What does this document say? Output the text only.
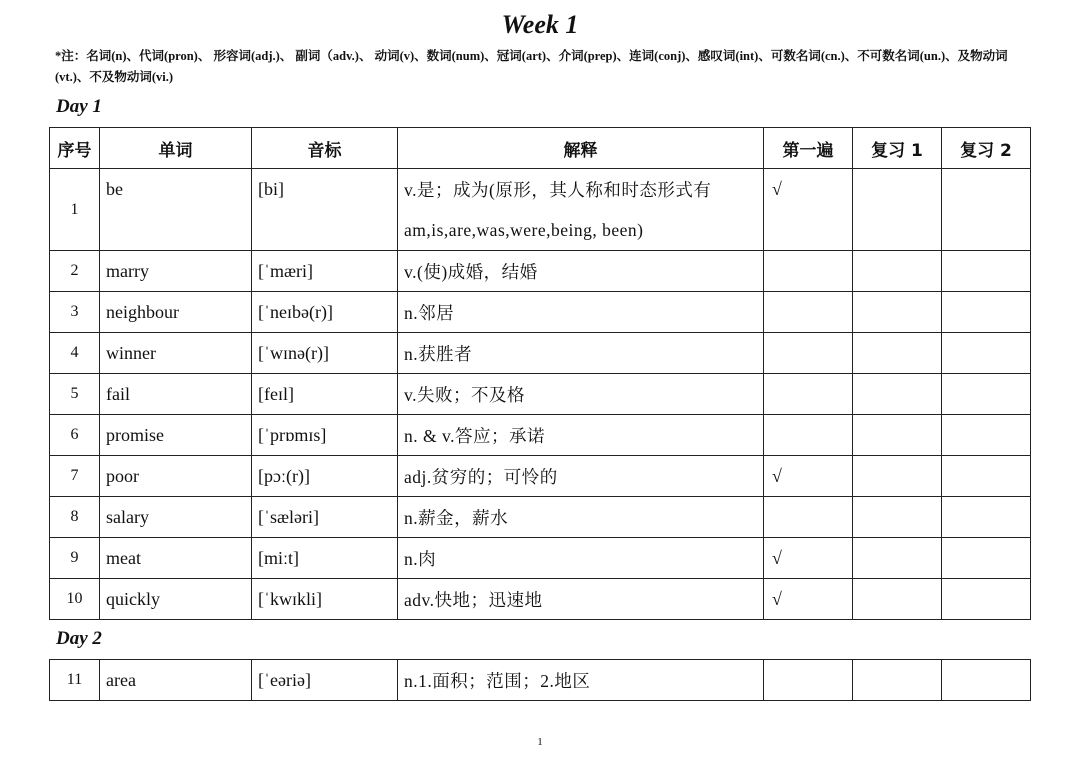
Week 1
*注：名词(n)、代词(pron)、 形容词(adj.)、 副词（adv.)、 动词(v)、数词(num)、冠词(art)、介词(prep)、连词(conj)、感叹词(int)、可数名词(cn.)、不可数名词(un.)、及物动词(vt.)、不及物动词(vi.)
Day 1
序号	单词	音标	解释	第一遍	复习 1	复习 2
1	be	[bi]	v.是；成为(原形，其人称和时态形式有
am,is,are,was,were,being, been)	√		
2	marry	[ˈmæri]	v.(使)成婚，结婚			
3	neighbour	[ˈneɪbə(r)]	n.邻居			
4	winner	[ˈwɪnə(r)]	n.获胜者			
5	fail	[feɪl]	v.失败；不及格			
6	promise	[ˈprɒmɪs]	n. & v.答应；承诺			
7	poor	[pɔː(r)]	adj.贫穷的；可怜的	√		
8	salary	[ˈsæləri]	n.薪金，薪水			
9	meat	[miːt]	n.肉	√		
10	quickly	[ˈkwɪkli]	adv.快地；迅速地	√		
Day 2
11	area	[ˈeəriə]	n.1.面积；范围；2.地区			
1
